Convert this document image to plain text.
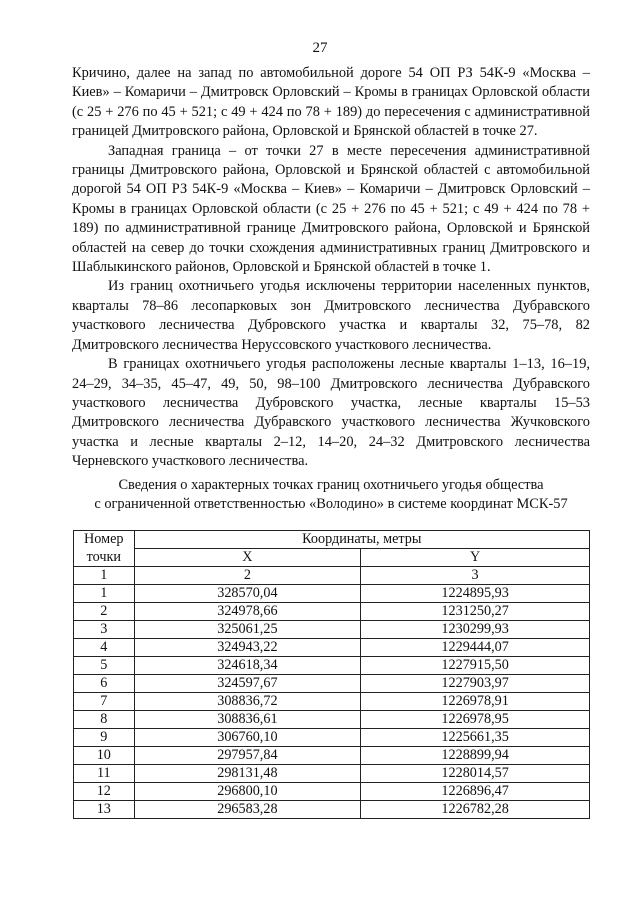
27

Кричино, далее на запад по автомобильной дороге 54 ОП РЗ 54К-9 «Москва – Киев» – Комаричи – Дмитровск Орловский – Кромы в границах Орловской области (с 25 + 276 по 45 + 521; с 49 + 424 по 78 + 189) до пересечения с административной границей Дмитровского района, Орловской и Брянской областей в точке 27.

Западная граница – от точки 27 в месте пересечения административной границы Дмитровского района, Орловской и Брянской областей с автомобильной дорогой 54 ОП РЗ 54К-9 «Москва – Киев» – Комаричи – Дмитровск Орловский – Кромы в границах Орловской области (с 25 + 276 по 45 + 521; с 49 + 424 по 78 + 189) по административной границе Дмитровского района, Орловской и Брянской областей на север до точки схождения административных границ Дмитровского и Шаблыкинского районов, Орловской и Брянской областей в точке 1.

Из границ охотничьего угодья исключены территории населенных пунктов, кварталы 78–86 лесопарковых зон Дмитровского лесничества Дубравского участкового лесничества Дубровского участка и кварталы 32, 75–78, 82 Дмитровского лесничества Неруссовского участкового лесничества.

В границах охотничьего угодья расположены лесные кварталы 1–13, 16–19, 24–29, 34–35, 45–47, 49, 50, 98–100 Дмитровского лесничества Дубравского участкового лесничества Дубровского участка, лесные кварталы 15–53 Дмитровского лесничества Дубравского участкового лесничества Жучковского участка и лесные кварталы 2–12, 14–20, 24–32 Дмитровского лесничества Черневского участкового лесничества.

Сведения о характерных точках границ охотничьего угодья общества
с ограниченной ответственностью «Володино» в системе координат МСК-57
Номер	Координаты, метры	
точки	X	Y
1	2	3
1	328570,04	1224895,93
2	324978,66	1231250,27
3	325061,25	1230299,93
4	324943,22	1229444,07
5	324618,34	1227915,50
6	324597,67	1227903,97
7	308836,72	1226978,91
8	308836,61	1226978,95
9	306760,10	1225661,35
10	297957,84	1228899,94
11	298131,48	1228014,57
12	296800,10	1226896,47
13	296583,28	1226782,28
